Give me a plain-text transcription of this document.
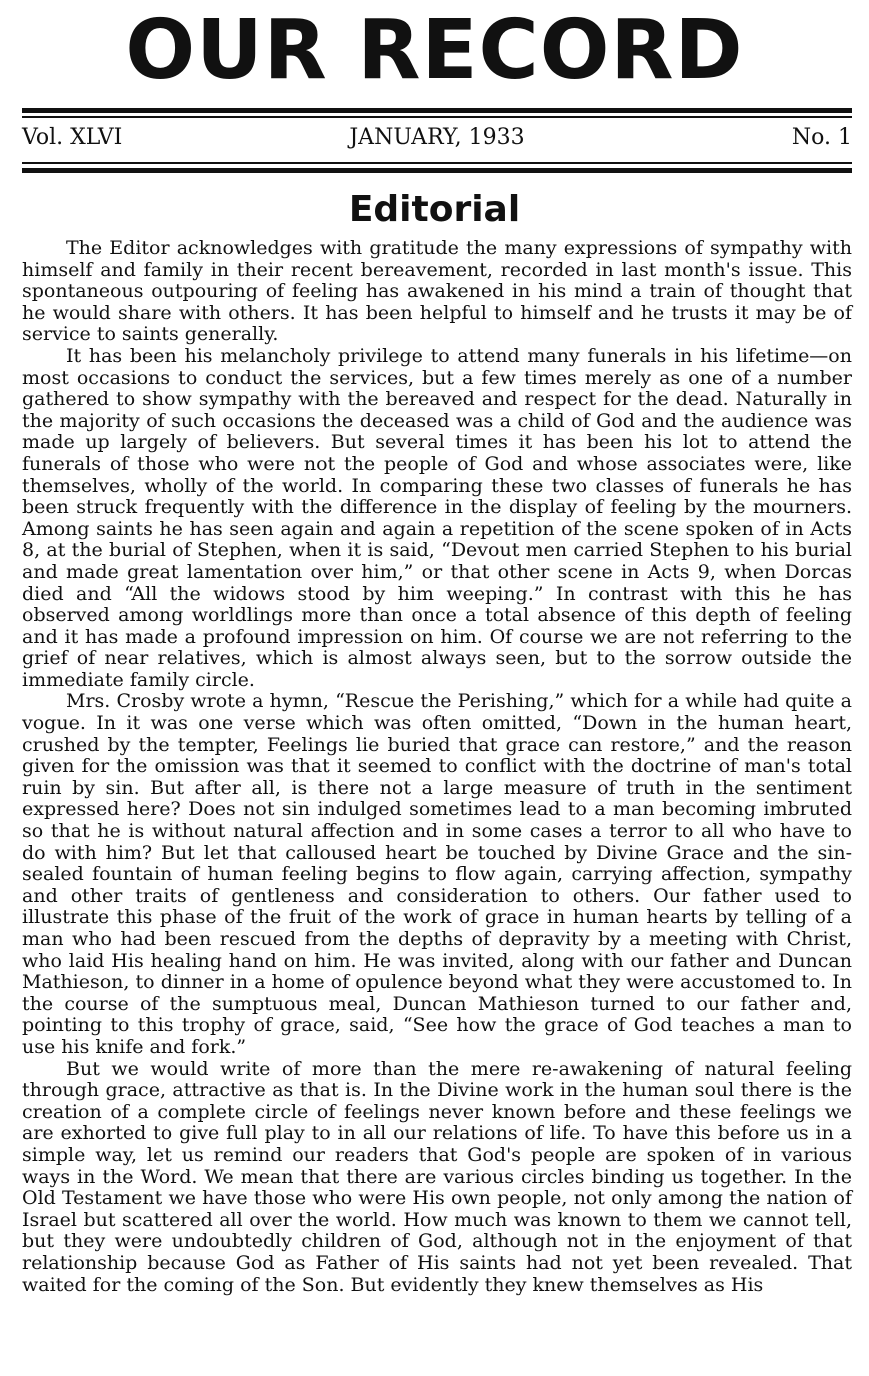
OUR RECORD
JANUARY, 1933
Vol. XLVI	No. 1
Editorial

The Editor acknowledges with gratitude the many expressions of sympathy with himself and family in their recent bereavement, recorded in last month's issue. This spontaneous outpouring of feeling has awakened in his mind a train of thought that he would share with others. It has been helpful to himself and he trusts it may be of service to saints generally.

It has been his melancholy privilege to attend many funerals in his lifetime—on most occasions to conduct the services, but a few times merely as one of a number gathered to show sympathy with the bereaved and respect for the dead. Naturally in the majority of such occasions the deceased was a child of God and the audience was made up largely of believers. But several times it has been his lot to attend the funerals of those who were not the people of God and whose associates were, like themselves, wholly of the world. In comparing these two classes of funerals he has been struck frequently with the difference in the display of feeling by the mourners. Among saints he has seen again and again a repetition of the scene spoken of in Acts 8, at the burial of Stephen, when it is said, “Devout men carried Stephen to his burial and made great lamentation over him,” or that other scene in Acts 9, when Dorcas died and “All the widows stood by him weeping.” In contrast with this he has observed among worldlings more than once a total absence of this depth of feeling and it has made a profound impression on him. Of course we are not referring to the grief of near relatives, which is almost always seen, but to the sorrow outside the immediate family circle.

Mrs. Crosby wrote a hymn, “Rescue the Perishing,” which for a while had quite a vogue. In it was one verse which was often omitted, “Down in the human heart, crushed by the tempter, Feelings lie buried that grace can restore,” and the reason given for the omission was that it seemed to conflict with the doctrine of man's total ruin by sin. But after all, is there not a large measure of truth in the sentiment expressed here? Does not sin indulged sometimes lead to a man becoming imbruted so that he is without natural affection and in some cases a terror to all who have to do with him? But let that calloused heart be touched by Divine Grace and the sin-sealed fountain of human feeling begins to flow again, carrying affection, sympathy and other traits of gentleness and consideration to others. Our father used to illustrate this phase of the fruit of the work of grace in human hearts by telling of a man who had been rescued from the depths of depravity by a meeting with Christ, who laid His healing hand on him. He was invited, along with our father and Duncan Mathieson, to dinner in a home of opulence beyond what they were accustomed to. In the course of the sumptuous meal, Duncan Mathieson turned to our father and, pointing to this trophy of grace, said, “See how the grace of God teaches a man to use his knife and fork.”

But we would write of more than the mere re-awakening of natural feeling through grace, attractive as that is. In the Divine work in the human soul there is the creation of a complete circle of feelings never known before and these feelings we are exhorted to give full play to in all our relations of life. To have this before us in a simple way, let us remind our readers that God's people are spoken of in various ways in the Word. We mean that there are various circles binding us together. In the Old Testament we have those who were His own people, not only among the nation of Israel but scattered all over the world. How much was known to them we cannot tell, but they were undoubtedly children of God, although not in the enjoyment of that relationship because God as Father of His saints had not yet been revealed. That waited for the coming of the Son. But evidently they knew themselves as His
